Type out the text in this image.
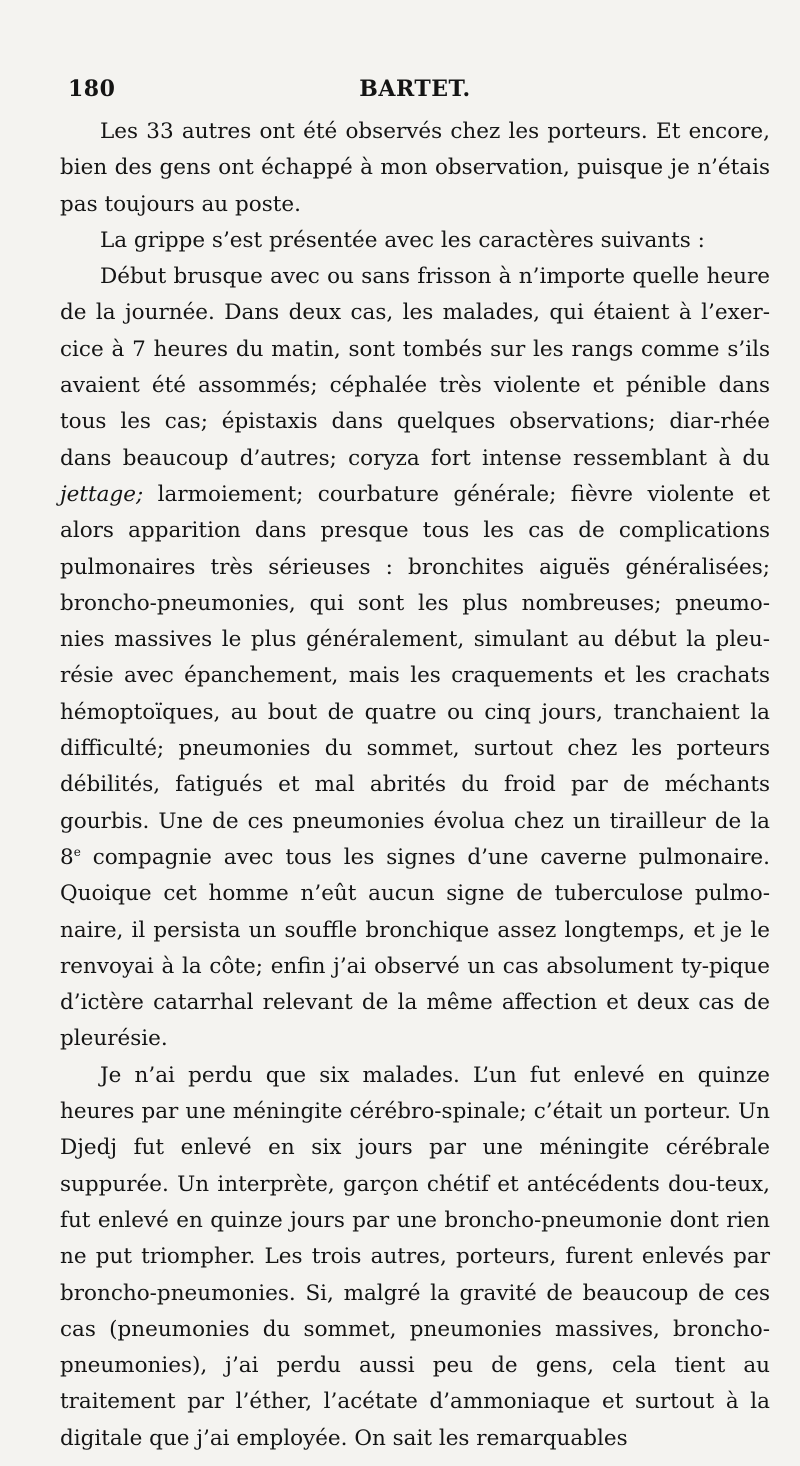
180	BARTET.

Les 33 autres ont été observés chez les porteurs. Et encore, bien des gens ont échappé à mon observation, puisque je n’étais pas toujours au poste.

La grippe s’est présentée avec les caractères suivants :

Début brusque avec ou sans frisson à n’importe quelle heure de la journée. Dans deux cas, les malades, qui étaient à l’exer-cice à 7 heures du matin, sont tombés sur les rangs comme s’ils avaient été assommés; céphalée très violente et pénible dans tous les cas; épistaxis dans quelques observations; diar-rhée dans beaucoup d’autres; coryza fort intense ressemblant à du jettage; larmoiement; courbature générale; fièvre violente et alors apparition dans presque tous les cas de complications pulmonaires très sérieuses : bronchites aiguës généralisées; broncho-pneumonies, qui sont les plus nombreuses; pneumo-nies massives le plus généralement, simulant au début la pleu-résie avec épanchement, mais les craquements et les crachats hémoptoïques, au bout de quatre ou cinq jours, tranchaient la difficulté; pneumonies du sommet, surtout chez les porteurs débilités, fatigués et mal abrités du froid par de méchants gourbis. Une de ces pneumonies évolua chez un tirailleur de la 8e compagnie avec tous les signes d’une caverne pulmonaire. Quoique cet homme n’eût aucun signe de tuberculose pulmo-naire, il persista un souffle bronchique assez longtemps, et je le renvoyai à la côte; enfin j’ai observé un cas absolument ty-pique d’ictère catarrhal relevant de la même affection et deux cas de pleurésie.

Je n’ai perdu que six malades. L’un fut enlevé en quinze heures par une méningite cérébro-spinale; c’était un porteur. Un Djedj fut enlevé en six jours par une méningite cérébrale suppurée. Un interprète, garçon chétif et antécédents dou-teux, fut enlevé en quinze jours par une broncho-pneumonie dont rien ne put triompher. Les trois autres, porteurs, furent enlevés par broncho-pneumonies. Si, malgré la gravité de beaucoup de ces cas (pneumonies du sommet, pneumonies massives, broncho-pneumonies), j’ai perdu aussi peu de gens, cela tient au traitement par l’éther, l’acétate d’ammoniaque et surtout à la digitale que j’ai employée. On sait les remarquables
